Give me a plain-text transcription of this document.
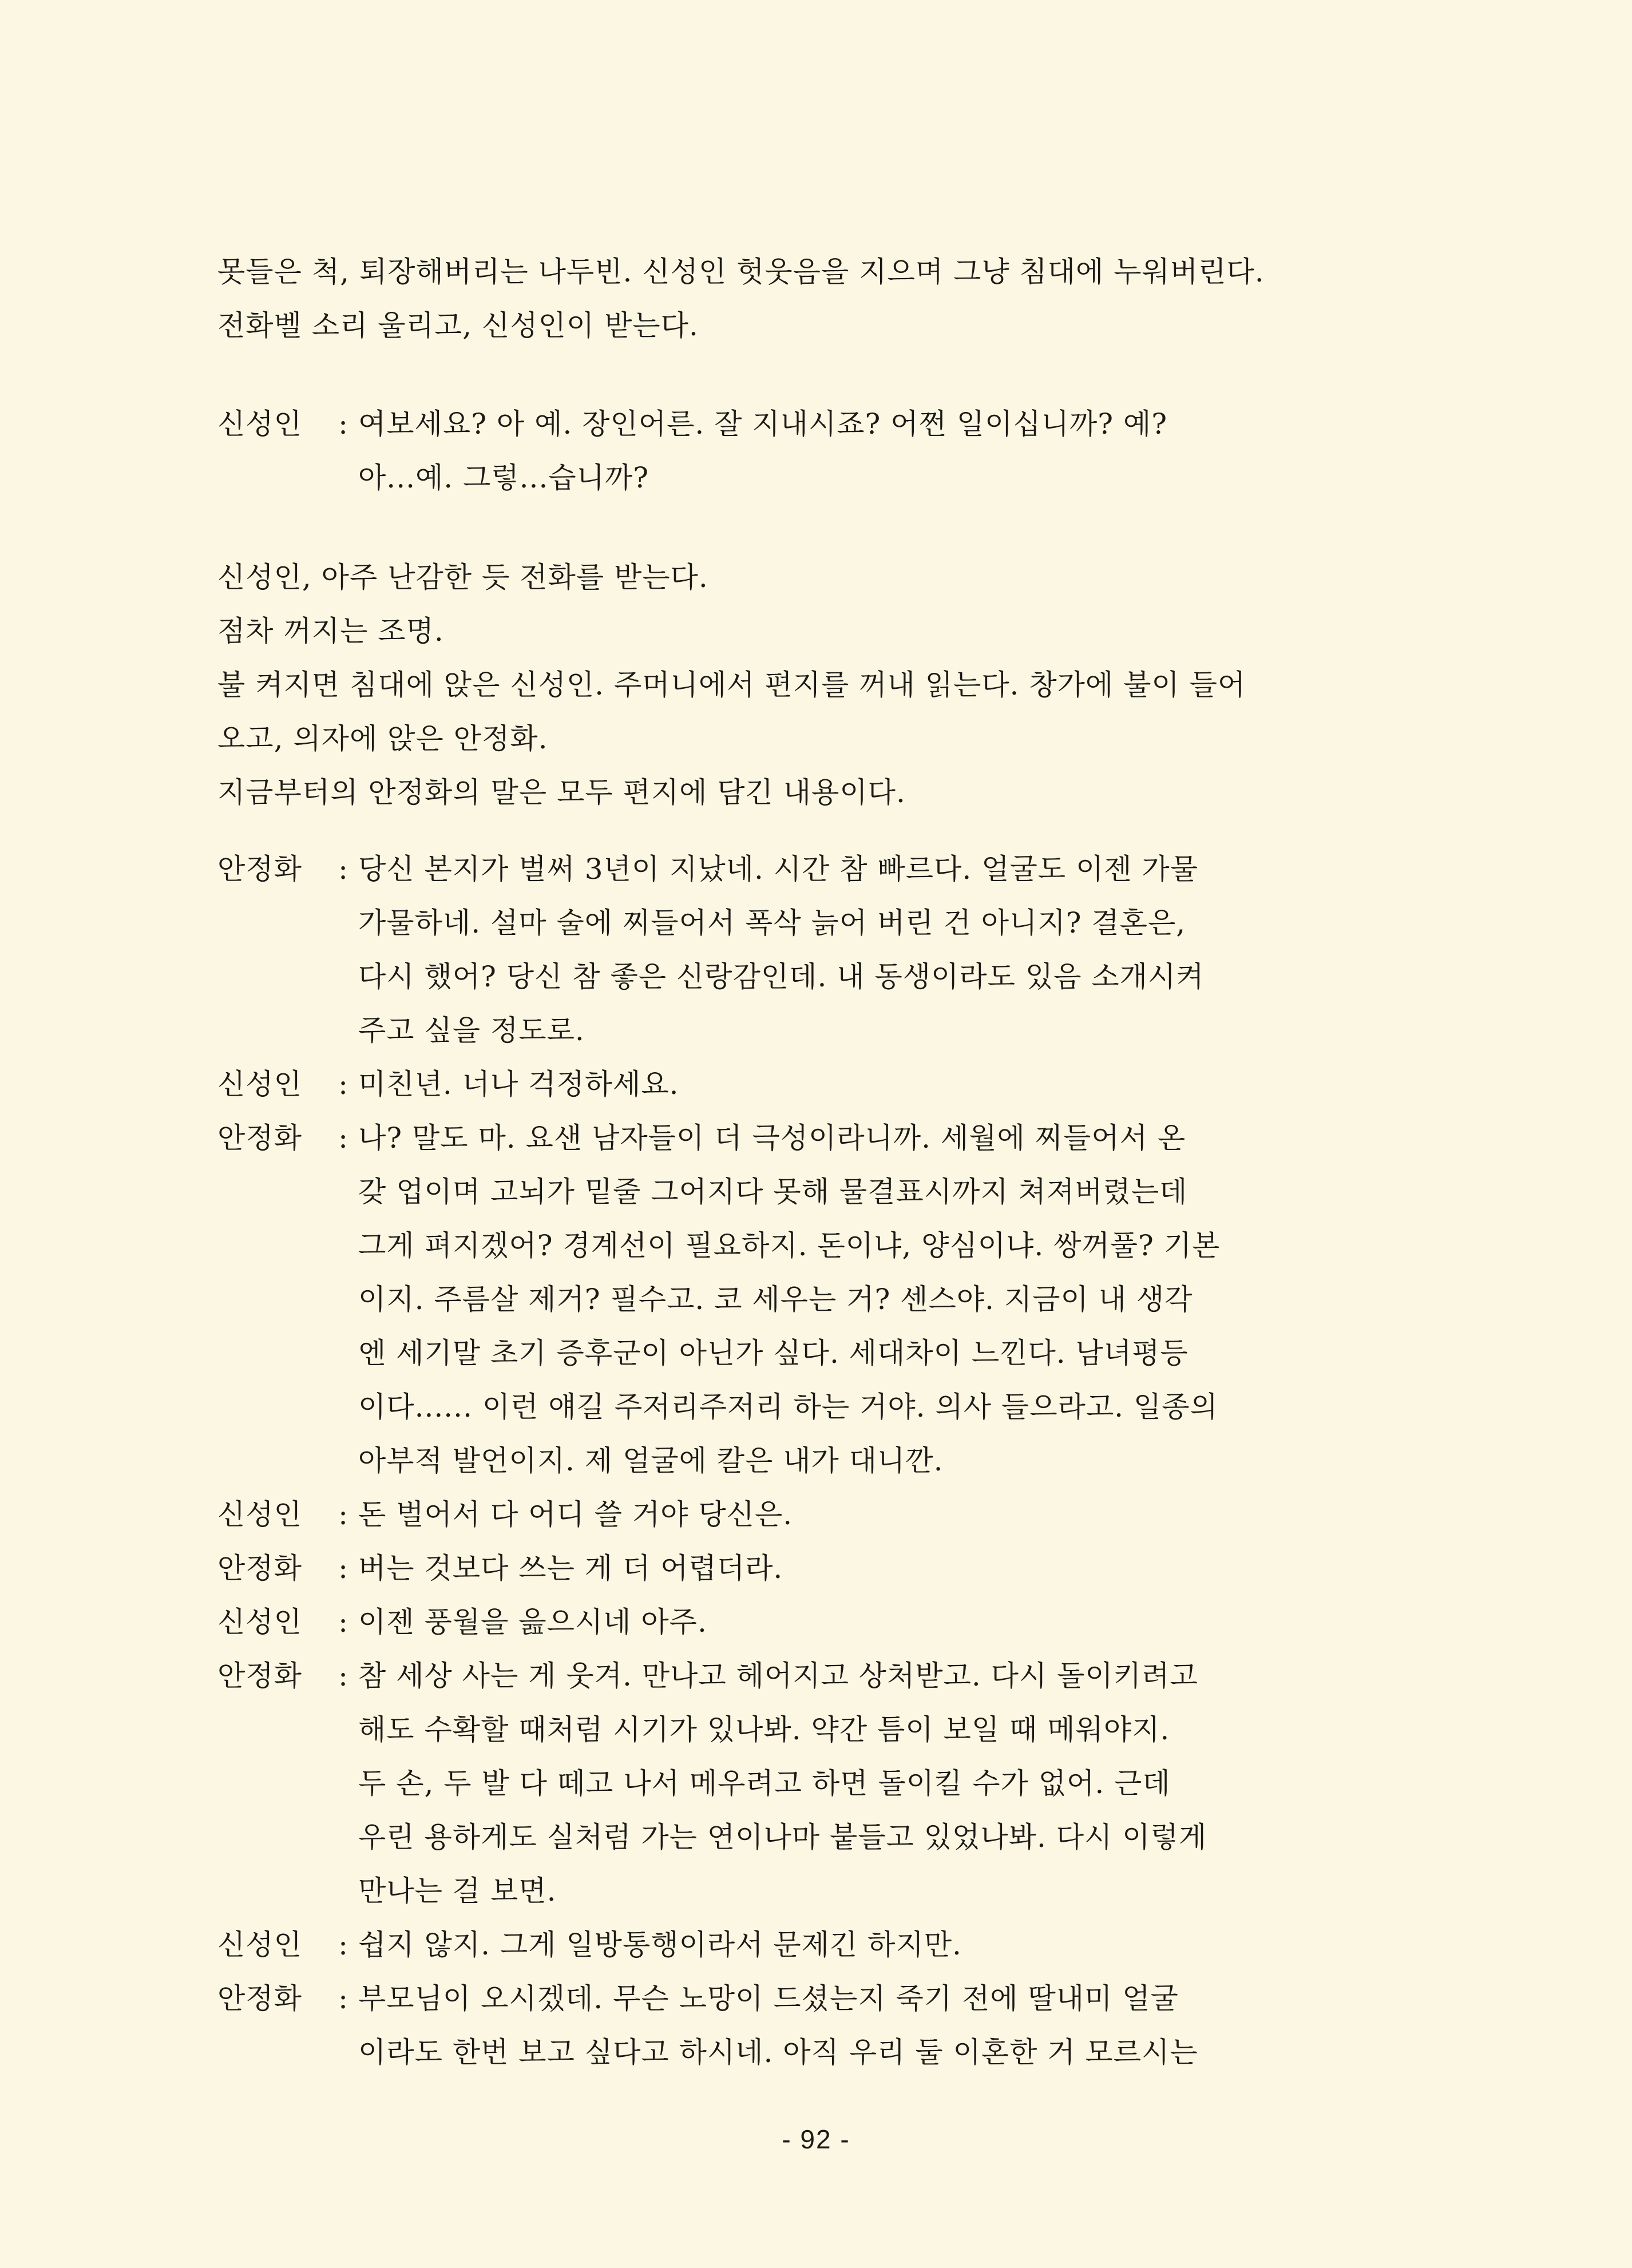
못들은 척, 퇴장해버리는 나두빈. 신성인 헛웃음을 지으며 그냥 침대에 누워버린다.
전화벨 소리 울리고, 신성인이 받는다.
신성인	: 여보세요? 아 예. 장인어른. 잘 지내시죠? 어쩐 일이십니까? 예?

아...예. 그렇...습니까?
신성인, 아주 난감한 듯 전화를 받는다.
점차 꺼지는 조명.
불 켜지면 침대에 앉은 신성인. 주머니에서 편지를 꺼내 읽는다. 창가에 불이 들어
오고, 의자에 앉은 안정화.
지금부터의 안정화의 말은 모두 편지에 담긴 내용이다.
안정화	: 당신 본지가 벌써 3년이 지났네. 시간 참 빠르다. 얼굴도 이젠 가물

가물하네. 설마 술에 찌들어서 폭삭 늙어 버린 건 아니지? 결혼은,
다시 했어? 당신 참 좋은 신랑감인데. 내 동생이라도 있음 소개시켜
주고 싶을 정도로.
신성인	: 미친년. 너나 걱정하세요.

안정화	: 나? 말도 마. 요샌 남자들이 더 극성이라니까. 세월에 찌들어서 온

갖 업이며 고뇌가 밑줄 그어지다 못해 물결표시까지 쳐져버렸는데
그게 펴지겠어? 경계선이 필요하지. 돈이냐, 양심이냐. 쌍꺼풀? 기본
이지. 주름살 제거? 필수고. 코 세우는 거? 센스야. 지금이 내 생각
엔 세기말 초기 증후군이 아닌가 싶다. 세대차이 느낀다. 남녀평등
이다...... 이런 얘길 주저리주저리 하는 거야. 의사 들으라고. 일종의
아부적 발언이지. 제 얼굴에 칼은 내가 대니깐.
신성인	: 돈 벌어서 다 어디 쓸 거야 당신은.

안정화	: 버는 것보다 쓰는 게 더 어렵더라.

신성인	: 이젠 풍월을 읊으시네 아주.

안정화	: 참 세상 사는 게 웃겨. 만나고 헤어지고 상처받고. 다시 돌이키려고

해도 수확할 때처럼 시기가 있나봐. 약간 틈이 보일 때 메워야지.
두 손, 두 발 다 떼고 나서 메우려고 하면 돌이킬 수가 없어. 근데
우린 용하게도 실처럼 가는 연이나마 붙들고 있었나봐. 다시 이렇게
만나는 걸 보면.
신성인	: 쉽지 않지. 그게 일방통행이라서 문제긴 하지만.

안정화	: 부모님이 오시겠데. 무슨 노망이 드셨는지 죽기 전에 딸내미 얼굴

이라도 한번 보고 싶다고 하시네. 아직 우리 둘 이혼한 거 모르시는
- 92 -
